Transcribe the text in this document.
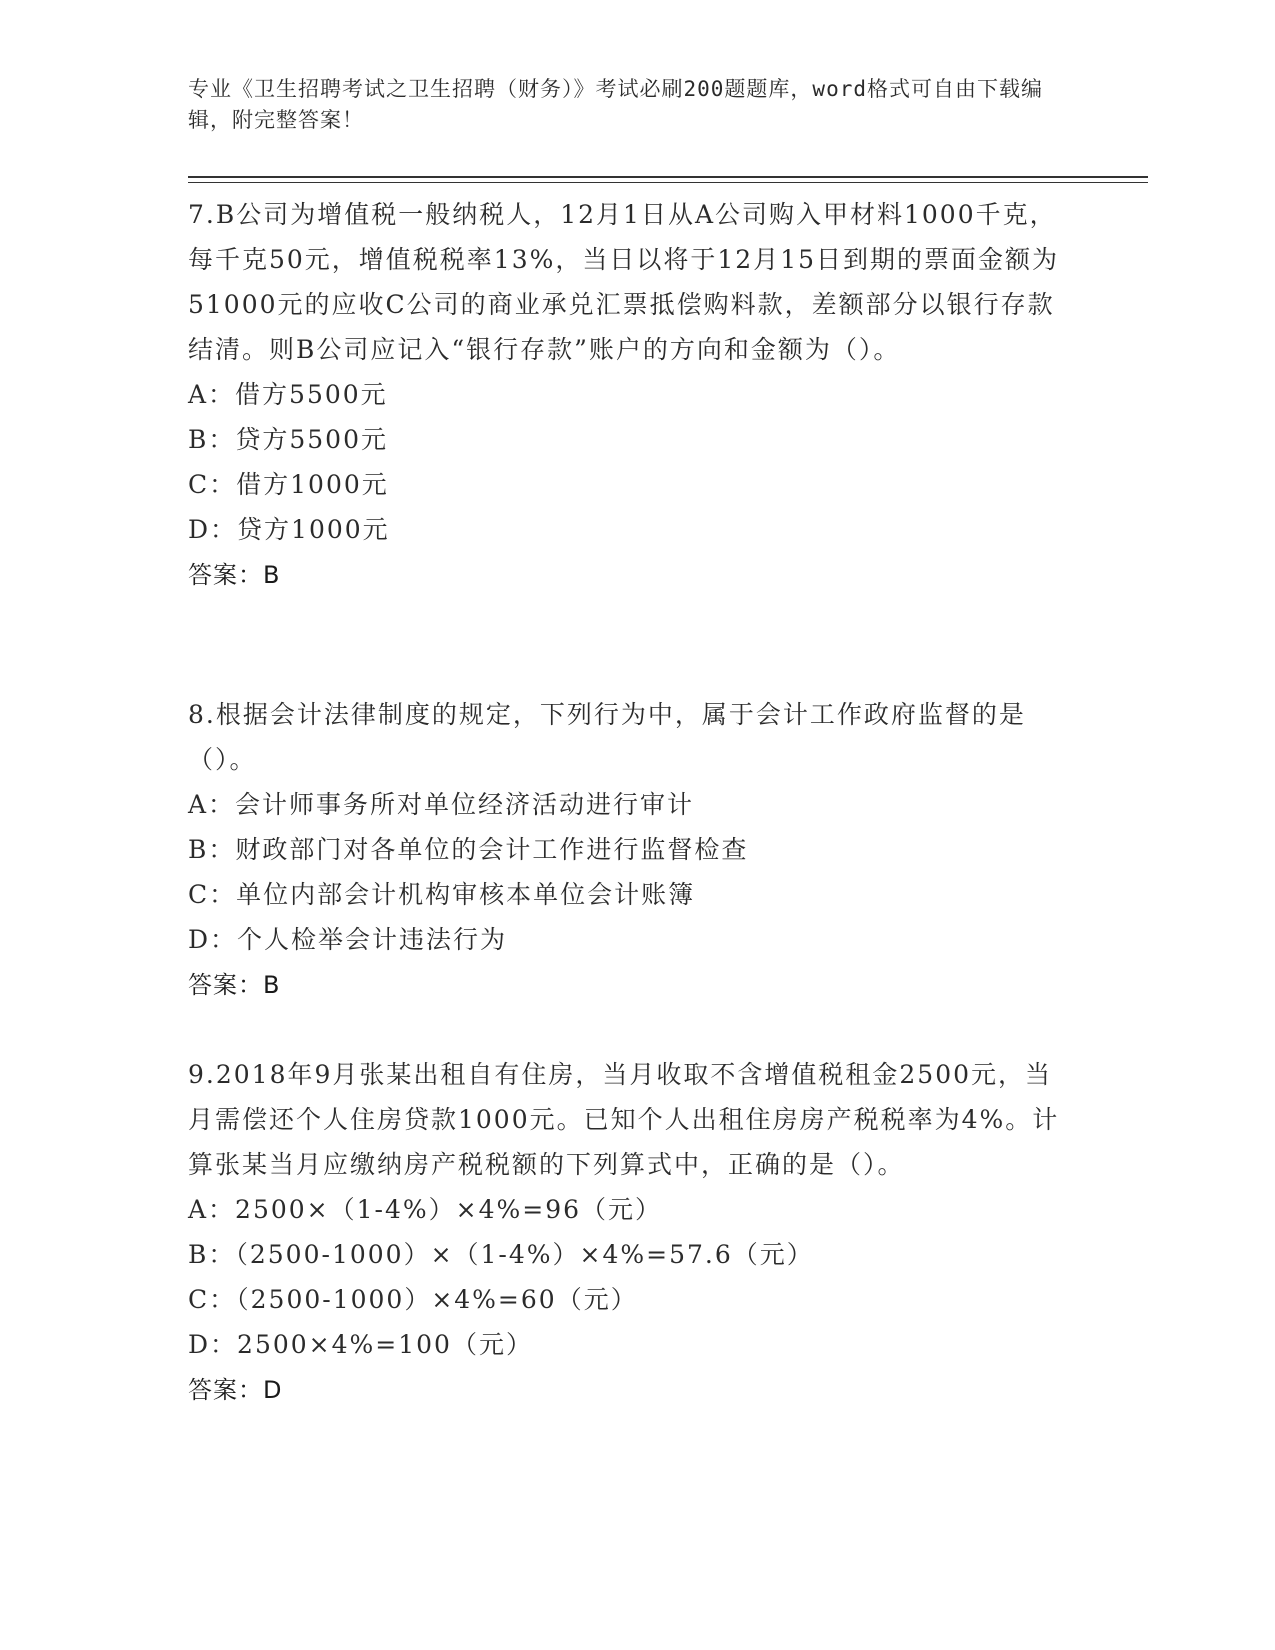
专业《卫生招聘考试之卫生招聘（财务）》考试必刷200题题库，word格式可自由下载编辑，附完整答案！
7.B公司为增值税一般纳税人，12月1日从A公司购入甲材料1000千克，每千克50元，增值税税率13%，当日以将于12月15日到期的票面金额为51000元的应收C公司的商业承兑汇票抵偿购料款，差额部分以银行存款结清。则B公司应记入“银行存款”账户的方向和金额为（）。
A：借方5500元
B：贷方5500元
C：借方1000元
D：贷方1000元
答案：B
8.根据会计法律制度的规定，下列行为中，属于会计工作政府监督的是（）。
A：会计师事务所对单位经济活动进行审计
B：财政部门对各单位的会计工作进行监督检查
C：单位内部会计机构审核本单位会计账簿
D：个人检举会计违法行为
答案：B
9.2018年9月张某出租自有住房，当月收取不含增值税租金2500元，当月需偿还个人住房贷款1000元。已知个人出租住房房产税税率为4%。计算张某当月应缴纳房产税税额的下列算式中，正确的是（）。
A：2500×（1-4%）×4%=96（元）
B：（2500-1000）×（1-4%）×4%=57.6（元）
C：（2500-1000）×4%=60（元）
D：2500×4%=100（元）
答案：D
